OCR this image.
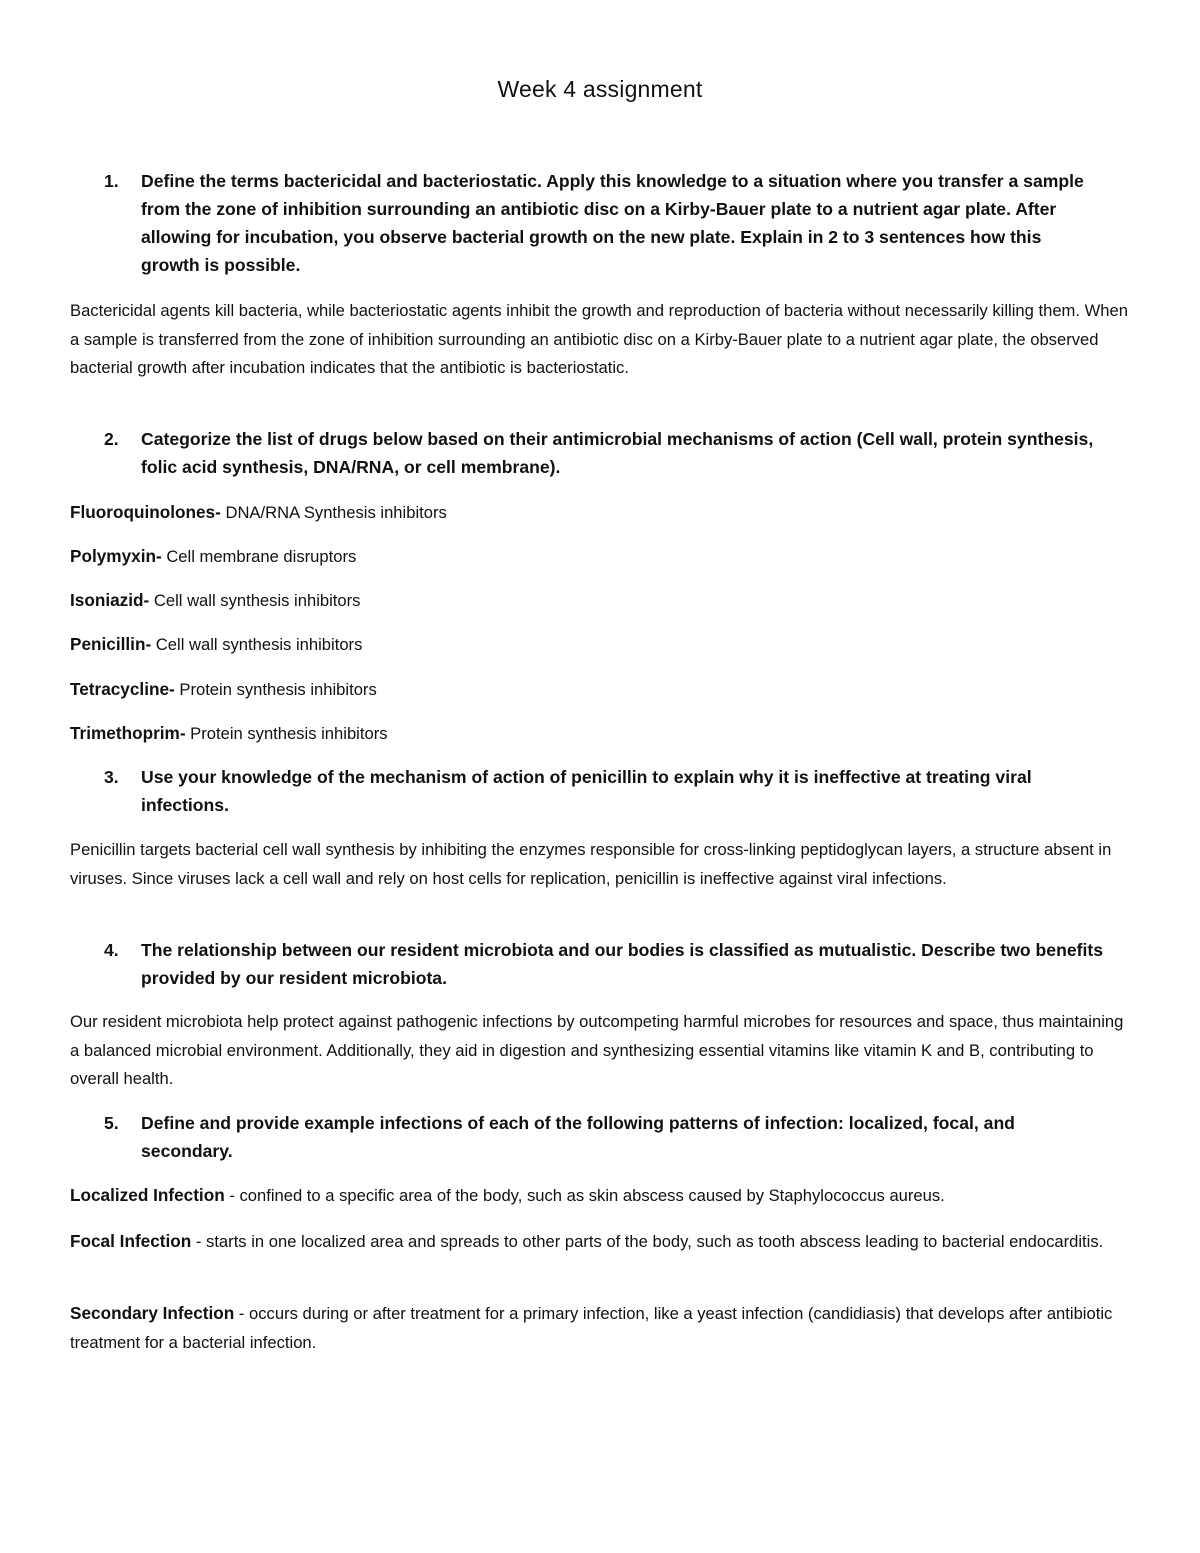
Week 4 assignment
1.	Define the terms bactericidal and bacteriostatic. Apply this knowledge to a situation where you transfer a sample from the zone of inhibition surrounding an antibiotic disc on a Kirby-Bauer plate to a nutrient agar plate. After allowing for incubation, you observe bacterial growth on the new plate. Explain in 2 to 3 sentences how this growth is possible.

Bactericidal agents kill bacteria, while bacteriostatic agents inhibit the growth and reproduction of bacteria without necessarily killing them. When a sample is transferred from the zone of inhibition surrounding an antibiotic disc on a Kirby-Bauer plate to a nutrient agar plate, the observed bacterial growth after incubation indicates that the antibiotic is bacteriostatic.

2.	Categorize the list of drugs below based on their antimicrobial mechanisms of action (Cell wall, protein synthesis, folic acid synthesis, DNA/RNA, or cell membrane).

Fluoroquinolones- DNA/RNA Synthesis inhibitors

Polymyxin- Cell membrane disruptors

Isoniazid- Cell wall synthesis inhibitors

Penicillin- Cell wall synthesis inhibitors

Tetracycline- Protein synthesis inhibitors

Trimethoprim- Protein synthesis inhibitors

3.	Use your knowledge of the mechanism of action of penicillin to explain why it is ineffective at treating viral infections.

Penicillin targets bacterial cell wall synthesis by inhibiting the enzymes responsible for cross-linking peptidoglycan layers, a structure absent in viruses. Since viruses lack a cell wall and rely on host cells for replication, penicillin is ineffective against viral infections.

4.	The relationship between our resident microbiota and our bodies is classified as mutualistic. Describe two benefits provided by our resident microbiota.

Our resident microbiota help protect against pathogenic infections by outcompeting harmful microbes for resources and space, thus maintaining a balanced microbial environment. Additionally, they aid in digestion and synthesizing essential vitamins like vitamin K and B, contributing to overall health.

5.	Define and provide example infections of each of the following patterns of infection: localized, focal, and secondary.

Localized Infection - confined to a specific area of the body, such as skin abscess caused by Staphylococcus aureus.

Focal Infection - starts in one localized area and spreads to other parts of the body, such as tooth abscess leading to bacterial endocarditis.

Secondary Infection - occurs during or after treatment for a primary infection, like a yeast infection (candidiasis) that develops after antibiotic treatment for a bacterial infection.
